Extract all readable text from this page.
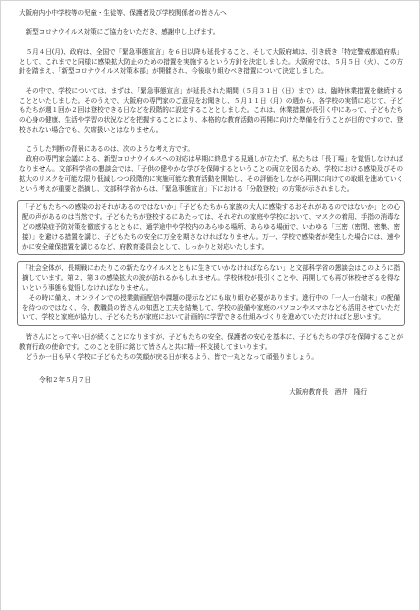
大阪府内小中学校等の児童・生徒等、保護者及び学校関係者の皆さんへ

新型コロナウイルス対策にご協力をいただき、感謝申し上げます。

５月４日(月)、政府は、全国で「緊急事態宣言」を６日以降も延長すること、そして大阪府域は、引き続き「特定警戒都道府県」として、これまでと同様に感染拡大防止のための措置を実施するという方針を決定しました。大阪府では、５月５日（火）、この方針を踏まえ、「新型コロナウイルス対策本部」が開催され、今後取り組むべき措置について決定しました。

その中で、学校については、まずは、「緊急事態宣言」が延長された期間（５月３１日（日）まで）は、臨時休業措置を継続することといたしました。そのうえで、大阪府の専門家のご意見をお聞きし、５月１１日（月）の週から、各学校の実情に応じて、子どもたちが週１回か２回は登校できる日などを段階的に設定することとしました。これは、休業措置が長引く中にあって、子どもたちの心身の健康、生活や学習の状況などを把握することにより、本格的な教育活動の再開に向けた準備を行うことが目的ですので、登校されない場合でも、欠席扱いとはなりません。

こうした判断の背景にあるのは、次のような考え方です。

政府の専門家会議による、新型コロナウイルスへの対応は早期に終息する見通しが立たず、私たちは「長丁場」を覚悟しなければなりません。文部科学省の懇談会では、「子供の健やかな学びを保障するということの両立を図るため、学校における感染及びその拡大のリスクを可能な限り低減しつつ段階的に実施可能な教育活動を開始し、その評価をしながら再開に向けての取組を進めていくという考えが重要と指摘し、文部科学省からは、「緊急事態宣言」下における「分散登校」の方策が示されました。

「子どもたちへの感染のおそれがあるのではないか」「子どもたちから家族の大人に感染するおそれがあるのではないか」との心配の声があるのは当然です。子どもたちが登校するにあたっては、それぞれの家庭や学校において、マスクの着用、手指の消毒などの感染症予防対策を徹底するとともに、通学途中や学校内のあらゆる場所、あらゆる場面で、いわゆる「三密（密閉、密集、密接）」を避ける措置を講じ、子どもたちの安全に万全を期さなければなりません。万一、学校で感染者が発生した場合には、速やかに安全確保措置を講じるなど、府教育委員会として、しっかりと対応いたします。

「社会全体が、長期戦にわたりこの新たなウイルスとともに生きていかなければならない」と文部科学省の懇談会はこのように指摘しています。第２、第３の感染拡大の波が訪れるかもしれません。学校休校が長引くことや、再開しても再び休校せざるを得ないという事態も覚悟しなければなりません。

その時に備え、オンラインでの授業動画配信や課題の提示などにも取り組む必要があります。進行中の「一人一台端末」の配備を待つのではなく、今、教職員の皆さんの知恵と工夫を結集して、学校の設備や家庭のパソコンやスマホなども活用させていただいて、学校と家庭が協力し、子どもたちが家庭において計画的に学習できる仕組みづくりを進めていただければと思います。

皆さんにとって辛い日が続くことになりますが、子どもたちの安全、保護者の安心を基本に、子どもたちの学びを保障することが教育行政の使命です。このことを肝に銘じて皆さんと共に精一杯支援してまいります。

どうか一日も早く学校に子どもたちの笑顔が戻る日が来るよう、皆で一丸となって頑張りましょう。

令和２年５月７日

大阪府教育長　酒井　隆行
